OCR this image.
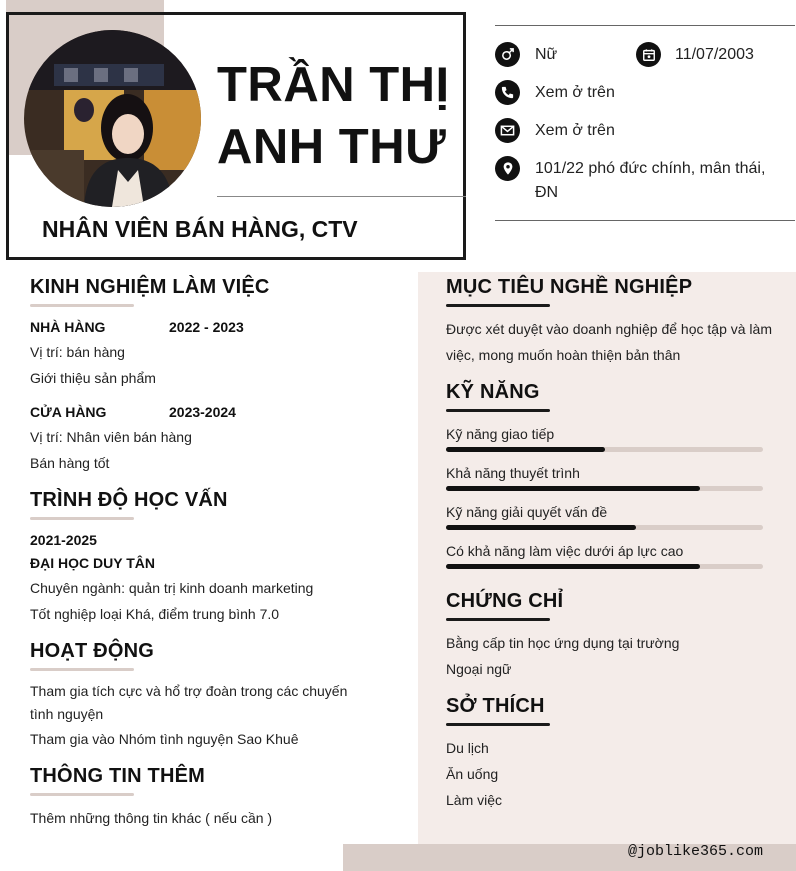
TRẦN THỊ
ANH THƯ
NHÂN VIÊN BÁN HÀNG, CTV
Nữ	11/07/2003
Xem ở trên
Xem ở trên
101/22 phó đức chính, mân thái,
ĐN
KINH NGHIỆM LÀM VIỆC
NHÀ HÀNG	2022 - 2023
Vị trí: bán hàng
Giới thiệu sản phẩm
CỬA HÀNG	2023-2024
Vị trí: Nhân viên bán hàng
Bán hàng tốt
TRÌNH ĐỘ HỌC VẤN
2021-2025
ĐẠI HỌC DUY TÂN
Chuyên ngành: quản trị kinh doanh marketing
Tốt nghiệp loại Khá, điểm trung bình 7.0
HOẠT ĐỘNG
Tham gia tích cực và hổ trợ đoàn trong các chuyến
tình nguyện
Tham gia vào Nhóm tình nguyện Sao Khuê
THÔNG TIN THÊM
Thêm những thông tin khác ( nếu cần )
MỤC TIÊU NGHỀ NGHIỆP
Được xét duyệt vào doanh nghiệp để học tập và làm
việc, mong muốn hoàn thiện bản thân
KỸ NĂNG
Kỹ năng giao tiếp
Khả năng thuyết trình
Kỹ năng giải quyết vấn đề
Có khả năng làm việc dưới áp lực cao
CHỨNG CHỈ
Bằng cấp tin học ứng dụng tại trường
Ngoại ngữ
SỞ THÍCH
Du lịch
Ăn uống
Làm việc
@joblike365.com
